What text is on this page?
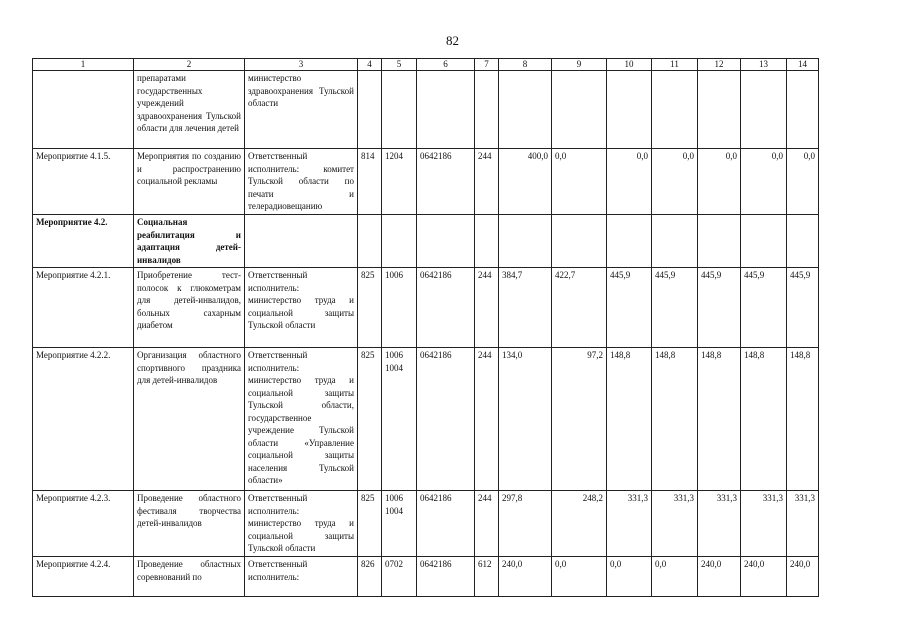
82
1	2	3	4	5	6	7	8	9	10	11	12	13	14
	препаратами государственных учреждений здравоохранения Тульской области для лечения детей	министерство здравоохранения Тульской области											
Мероприятие 4.1.5.	Мероприятия по созданию и распространению социальной рекламы	Ответственный исполнитель: комитет Тульской области по печати и телерадиовещанию	814	1204	0642186	244	400,0	0,0	0,0	0,0	0,0	0,0	0,0
Мероприятие 4.2.	Социальная реабилитация и адаптация детей-инвалидов												
Мероприятие 4.2.1.	Приобретение тест-полосок к глюкометрам для детей-инвалидов, больных сахарным диабетом	Ответственный исполнитель: министерство труда и социальной защиты Тульской области	825	1006	0642186	244	384,7	422,7	445,9	445,9	445,9	445,9	445,9
Мероприятие 4.2.2.	Организация областного спортивного праздника для детей-инвалидов	Ответственный исполнитель: министерство труда и социальной защиты Тульской области, государственное учреждение Тульской области «Управление социальной защиты населения Тульской области»	825	1006 1004	0642186	244	134,0	97,2	148,8	148,8	148,8	148,8	148,8
Мероприятие 4.2.3.	Проведение областного фестиваля творчества детей-инвалидов	Ответственный исполнитель: министерство труда и социальной защиты Тульской области	825	1006 1004	0642186	244	297,8	248,2	331,3	331,3	331,3	331,3	331,3
Мероприятие 4.2.4.	Проведение областных соревнований по	Ответственный исполнитель:	826	0702	0642186	612	240,0	0,0	0,0	0,0	240,0	240,0	240,0
